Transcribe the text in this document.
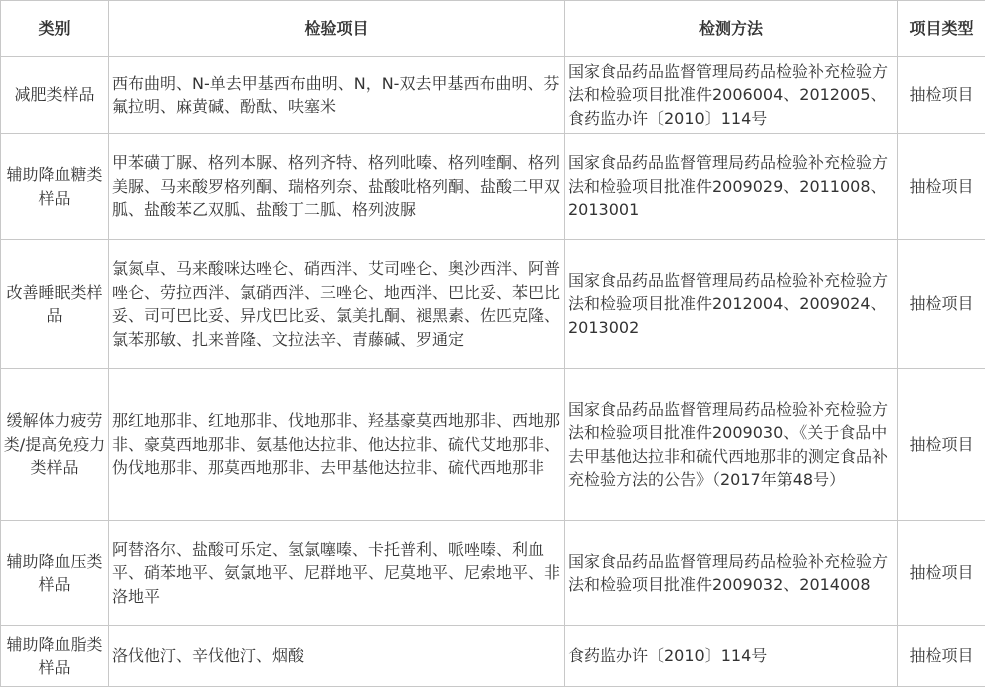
类别	检验项目	检测方法	项目类型
减肥类样品	西布曲明、N-单去甲基西布曲明、N，N-双去甲基西布曲明、芬氟拉明、麻黄碱、酚酞、呋塞米	国家食品药品监督管理局药品检验补充检验方法和检验项目批准件2006004、2012005、食药监办许〔2010〕114号	抽检项目
辅助降血糖类样品	甲苯磺丁脲、格列本脲、格列齐特、格列吡嗪、格列喹酮、格列美脲、马来酸罗格列酮、瑞格列奈、盐酸吡格列酮、盐酸二甲双胍、盐酸苯乙双胍、盐酸丁二胍、格列波脲	国家食品药品监督管理局药品检验补充检验方法和检验项目批准件2009029、2011008、2013001	抽检项目
改善睡眠类样品	氯氮卓、马来酸咪达唑仑、硝西泮、艾司唑仑、奥沙西泮、阿普唑仑、劳拉西泮、氯硝西泮、三唑仑、地西泮、巴比妥、苯巴比妥、司可巴比妥、异戊巴比妥、氯美扎酮、褪黑素、佐匹克隆、氯苯那敏、扎来普隆、文拉法辛、青藤碱、罗通定	国家食品药品监督管理局药品检验补充检验方法和检验项目批准件2012004、2009024、2013002	抽检项目
缓解体力疲劳类/提高免疫力类样品	那红地那非、红地那非、伐地那非、羟基豪莫西地那非、西地那非、豪莫西地那非、氨基他达拉非、他达拉非、硫代艾地那非、伪伐地那非、那莫西地那非、去甲基他达拉非、硫代西地那非	国家食品药品监督管理局药品检验补充检验方法和检验项目批准件2009030、《关于食品中去甲基他达拉非和硫代西地那非的测定食品补充检验方法的公告》（2017年第48号）	抽检项目
辅助降血压类样品	阿替洛尔、盐酸可乐定、氢氯噻嗪、卡托普利、哌唑嗪、利血平、硝苯地平、氨氯地平、尼群地平、尼莫地平、尼索地平、非洛地平	国家食品药品监督管理局药品检验补充检验方法和检验项目批准件2009032、2014008	抽检项目
辅助降血脂类样品	洛伐他汀、辛伐他汀、烟酸	食药监办许〔2010〕114号	抽检项目
